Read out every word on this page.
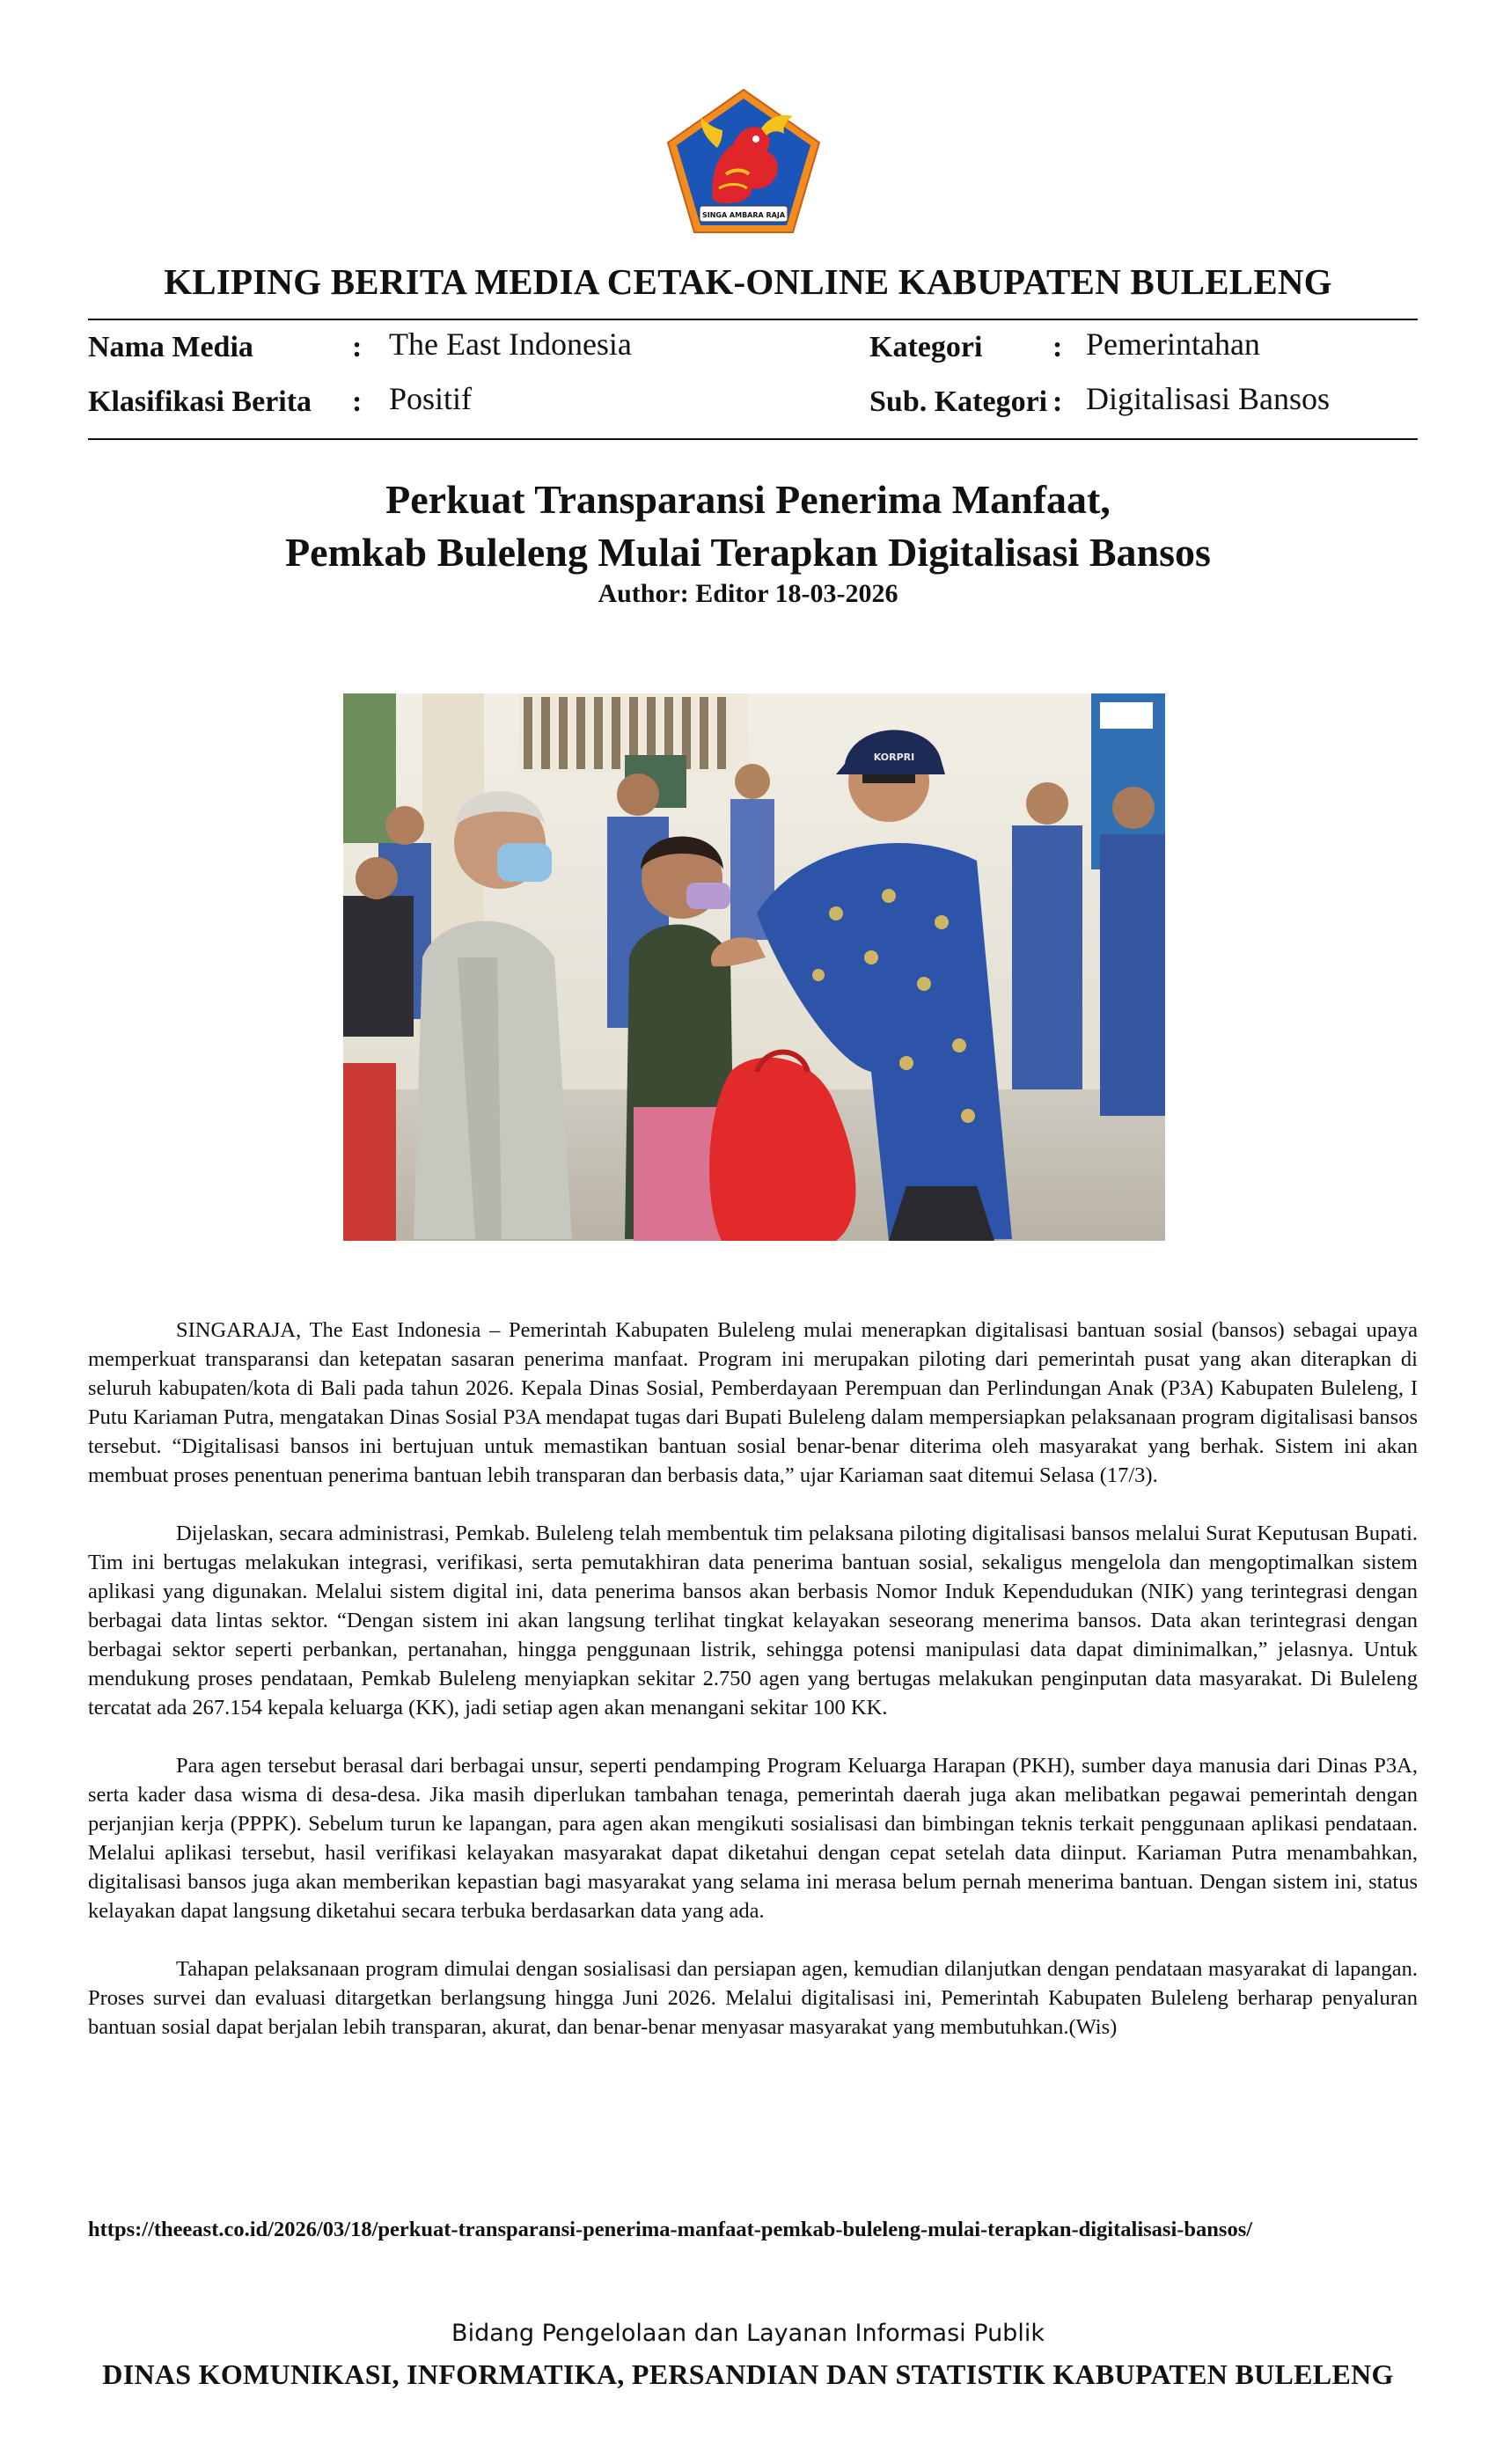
SINGA AMBARA RAJA
KLIPING BERITA MEDIA CETAK-ONLINE KABUPATEN BULELENG
Nama Media	: The East Indonesia	Kategori : Pemerintahan
Klasifikasi Berita : Positif	Sub. Kategori : Digitalisasi Bansos
Perkuat Transparansi Penerima Manfaat,
Pemkab Buleleng Mulai Terapkan Digitalisasi Bansos
Author: Editor 18-03-2026
KORPRI

SINGARAJA, The East Indonesia – Pemerintah Kabupaten Buleleng mulai menerapkan digitalisasi bantuan sosial (bansos) sebagai upaya memperkuat transparansi dan ketepatan sasaran penerima manfaat. Program ini merupakan piloting dari pemerintah pusat yang akan diterapkan di seluruh kabupaten/kota di Bali pada tahun 2026. Kepala Dinas Sosial, Pemberdayaan Perempuan dan Perlindungan Anak (P3A) Kabupaten Buleleng, I Putu Kariaman Putra, mengatakan Dinas Sosial P3A mendapat tugas dari Bupati Buleleng dalam mempersiapkan pelaksanaan program digitalisasi bansos tersebut. “Digitalisasi bansos ini bertujuan untuk memastikan bantuan sosial benar-benar diterima oleh masyarakat yang berhak. Sistem ini akan membuat proses penentuan penerima bantuan lebih transparan dan berbasis data,” ujar Kariaman saat ditemui Selasa (17/3).

Dijelaskan, secara administrasi, Pemkab. Buleleng telah membentuk tim pelaksana piloting digitalisasi bansos melalui Surat Keputusan Bupati. Tim ini bertugas melakukan integrasi, verifikasi, serta pemutakhiran data penerima bantuan sosial, sekaligus mengelola dan mengoptimalkan sistem aplikasi yang digunakan. Melalui sistem digital ini, data penerima bansos akan berbasis Nomor Induk Kependudukan (NIK) yang terintegrasi dengan berbagai data lintas sektor. “Dengan sistem ini akan langsung terlihat tingkat kelayakan seseorang menerima bansos. Data akan terintegrasi dengan berbagai sektor seperti perbankan, pertanahan, hingga penggunaan listrik, sehingga potensi manipulasi data dapat diminimalkan,” jelasnya. Untuk mendukung proses pendataan, Pemkab Buleleng menyiapkan sekitar 2.750 agen yang bertugas melakukan penginputan data masyarakat. Di Buleleng tercatat ada 267.154 kepala keluarga (KK), jadi setiap agen akan menangani sekitar 100 KK.

Para agen tersebut berasal dari berbagai unsur, seperti pendamping Program Keluarga Harapan (PKH), sumber daya manusia dari Dinas P3A, serta kader dasa wisma di desa-desa. Jika masih diperlukan tambahan tenaga, pemerintah daerah juga akan melibatkan pegawai pemerintah dengan perjanjian kerja (PPPK). Sebelum turun ke lapangan, para agen akan mengikuti sosialisasi dan bimbingan teknis terkait penggunaan aplikasi pendataan. Melalui aplikasi tersebut, hasil verifikasi kelayakan masyarakat dapat diketahui dengan cepat setelah data diinput. Kariaman Putra menambahkan, digitalisasi bansos juga akan memberikan kepastian bagi masyarakat yang selama ini merasa belum pernah menerima bantuan. Dengan sistem ini, status kelayakan dapat langsung diketahui secara terbuka berdasarkan data yang ada.

Tahapan pelaksanaan program dimulai dengan sosialisasi dan persiapan agen, kemudian dilanjutkan dengan pendataan masyarakat di lapangan. Proses survei dan evaluasi ditargetkan berlangsung hingga Juni 2026. Melalui digitalisasi ini, Pemerintah Kabupaten Buleleng berharap penyaluran bantuan sosial dapat berjalan lebih transparan, akurat, dan benar-benar menyasar masyarakat yang membutuhkan.(Wis)

https://theeast.co.id/2026/03/18/perkuat-transparansi-penerima-manfaat-pemkab-buleleng-mulai-terapkan-digitalisasi-bansos/
Bidang Pengelolaan dan Layanan Informasi Publik
DINAS KOMUNIKASI, INFORMATIKA, PERSANDIAN DAN STATISTIK KABUPATEN BULELENG
